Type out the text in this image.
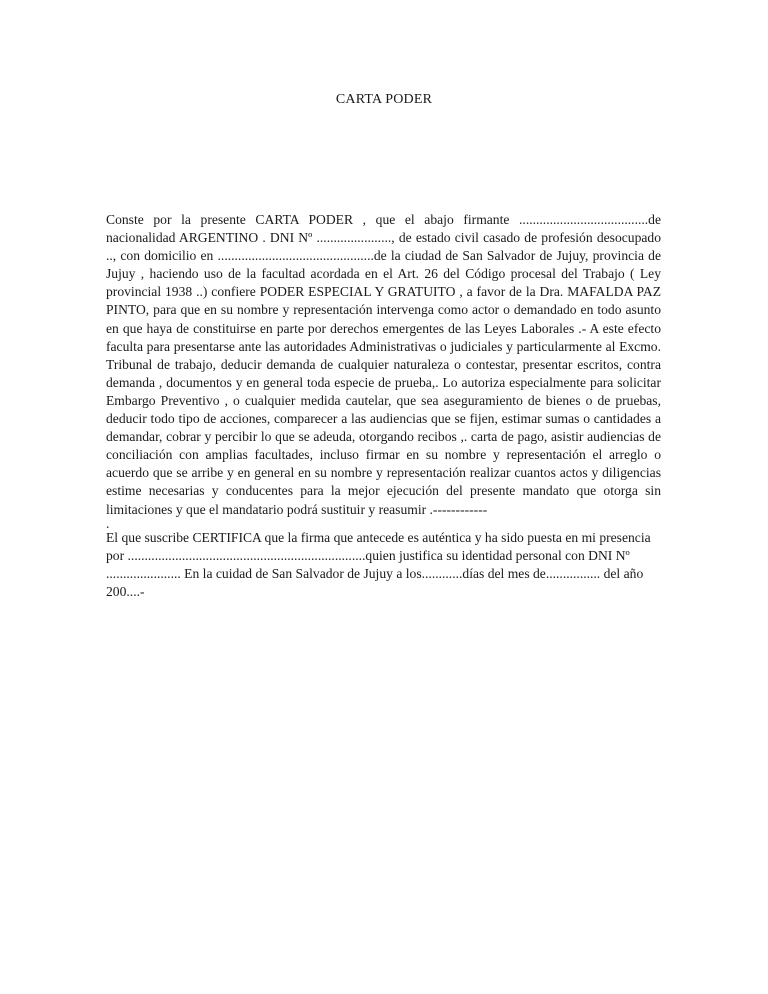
CARTA PODER

Conste por la presente CARTA PODER , que el abajo firmante ......................................de nacionalidad ARGENTINO . DNI Nº ......................, de estado civil casado de profesión desocupado .., con domicilio en ..............................................de la ciudad de San Salvador de Jujuy, provincia de Jujuy , haciendo uso de la facultad acordada en el Art. 26 del Código procesal del Trabajo ( Ley provincial 1938 ..) confiere PODER ESPECIAL Y GRATUITO , a favor de la Dra. MAFALDA PAZ PINTO, para que en su nombre y representación intervenga como actor o demandado en todo asunto en que haya de constituirse en parte por derechos emergentes de las Leyes Laborales .- A este efecto faculta para presentarse ante las autoridades Administrativas o judiciales y particularmente al Excmo. Tribunal de trabajo, deducir demanda de cualquier naturaleza o contestar, presentar escritos, contra demanda , documentos y en general toda especie de prueba,. Lo autoriza especialmente para solicitar Embargo Preventivo , o cualquier medida cautelar, que sea aseguramiento de bienes o de pruebas, deducir todo tipo de acciones, comparecer a las audiencias que se fijen, estimar sumas o cantidades a demandar, cobrar y percibir lo que se adeuda, otorgando recibos ,. carta de pago, asistir audiencias de conciliación con amplias facultades, incluso firmar en su nombre y representación el arreglo o acuerdo que se arribe y en general en su nombre y representación realizar cuantos actos y diligencias estime necesarias y conducentes para la mejor ejecución del presente mandato que otorga sin limitaciones y que el mandatario podrá sustituir y reasumir .------------

.

El que suscribe CERTIFICA que la firma que antecede es auténtica y ha sido puesta en mi presencia por ......................................................................quien justifica su identidad personal con DNI Nº ...................... En la cuidad de San Salvador de Jujuy a los............días del mes de................ del año 200....-
